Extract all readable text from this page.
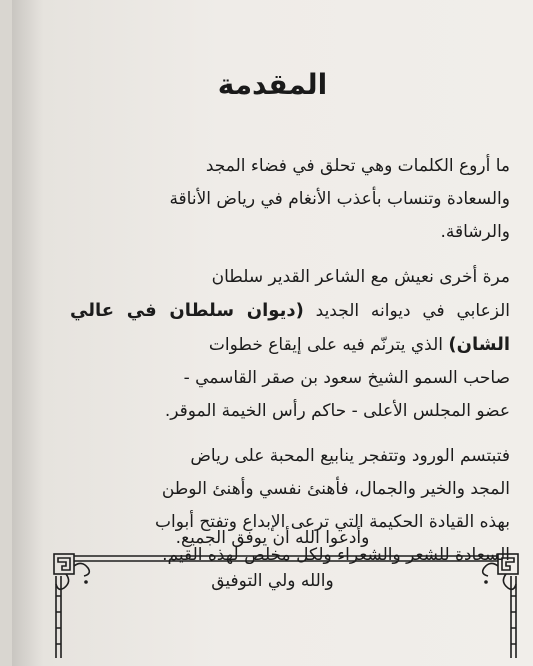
المقدمة

ما أروع الكلمات وهي تحلق في فضاء المجد
والسعادة وتنساب بأعذب الأنغام في رياض الأناقة
والرشاقة.

مرة أخرى نعيش مع الشاعر القدير سلطان
الزعابي في ديوانه الجديد (ديوان سلطان في عالي الشان) الذي يترنّم فيه على إيقاع خطوات
صاحب السمو الشيخ سعود بن صقر القاسمي -
عضو المجلس الأعلى - حاكم رأس الخيمة الموقر.

فتبتسم الورود وتتفجر ينابيع المحبة على رياض
المجد والخير والجمال، فأهنئ نفسي وأهنئ الوطن
بهذه القيادة الحكيمة التي ترعى الإبداع وتفتح أبواب
السعادة للشعر والشعراء ولكل مخلص لهذه القيم.

وأدعوا الله أن يوفق الجميع.
والله ولي التوفيق
